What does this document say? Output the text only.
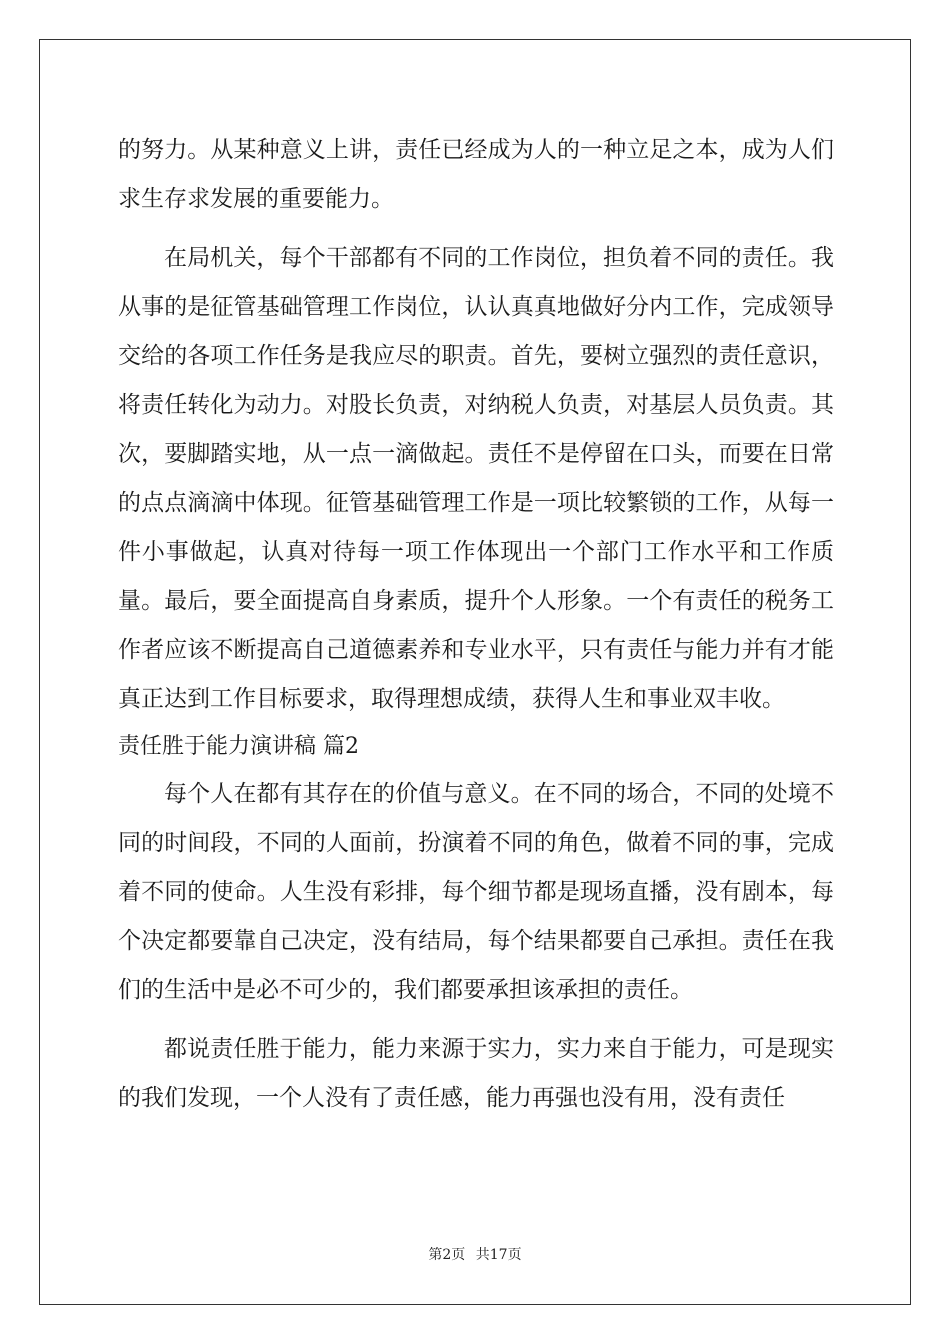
的努力。从某种意义上讲，责任已经成为人的一种立足之本，成为人们求生存求发展的重要能力。

在局机关，每个干部都有不同的工作岗位，担负着不同的责任。我从事的是征管基础管理工作岗位，认认真真地做好分内工作，完成领导交给的各项工作任务是我应尽的职责。首先，要树立强烈的责任意识，将责任转化为动力。对股长负责，对纳税人负责，对基层人员负责。其次，要脚踏实地，从一点一滴做起。责任不是停留在口头，而要在日常的点点滴滴中体现。征管基础管理工作是一项比较繁锁的工作，从每一件小事做起，认真对待每一项工作体现出一个部门工作水平和工作质量。最后，要全面提高自身素质，提升个人形象。一个有责任的税务工作者应该不断提高自己道德素养和专业水平，只有责任与能力并有才能真正达到工作目标要求，取得理想成绩，获得人生和事业双丰收。

责任胜于能力演讲稿 篇2

每个人在都有其存在的价值与意义。在不同的场合，不同的处境不同的时间段，不同的人面前，扮演着不同的角色，做着不同的事，完成着不同的使命。人生没有彩排，每个细节都是现场直播，没有剧本，每个决定都要靠自己决定，没有结局，每个结果都要自己承担。责任在我们的生活中是必不可少的，我们都要承担该承担的责任。

都说责任胜于能力，能力来源于实力，实力来自于能力，可是现实的我们发现，一个人没有了责任感，能力再强也没有用，没有责任

第2页 共17页
